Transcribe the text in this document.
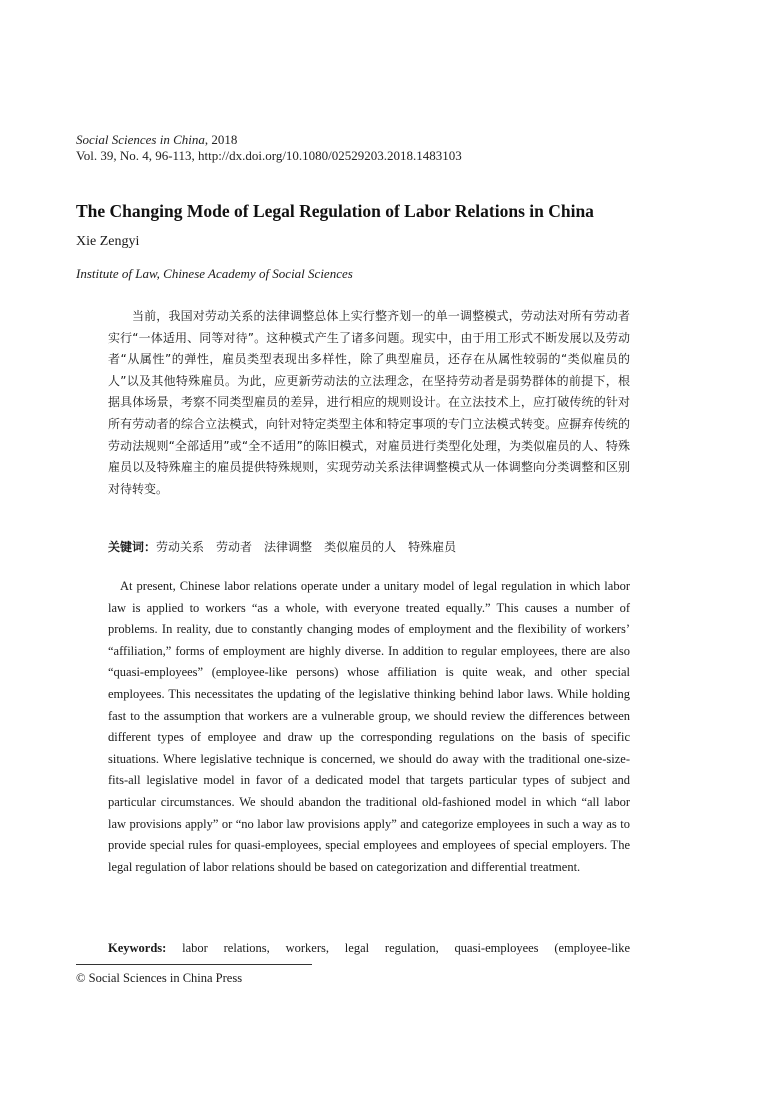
Social Sciences in China, 2018
Vol. 39, No. 4, 96-113, http://dx.doi.org/10.1080/02529203.2018.1483103
The Changing Mode of Legal Regulation of Labor Relations in China
Xie Zengyi
Institute of Law, Chinese Academy of Social Sciences

当前，我国对劳动关系的法律调整总体上实行整齐划一的单一调整模式，劳动法对所有劳动者实行“一体适用、同等对待”。这种模式产生了诸多问题。现实中，由于用工形式不断发展以及劳动者“从属性”的弹性，雇员类型表现出多样性，除了典型雇员，还存在从属性较弱的“类似雇员的人”以及其他特殊雇员。为此，应更新劳动法的立法理念，在坚持劳动者是弱势群体的前提下，根据具体场景，考察不同类型雇员的差异，进行相应的规则设计。在立法技术上，应打破传统的针对所有劳动者的综合立法模式，向针对特定类型主体和特定事项的专门立法模式转变。应摒弃传统的劳动法规则“全部适用”或“全不适用”的陈旧模式，对雇员进行类型化处理，为类似雇员的人、特殊雇员以及特殊雇主的雇员提供特殊规则，实现劳动关系法律调整模式从一体调整向分类调整和区别对待转变。

关键词：劳动关系 劳动者 法律调整 类似雇员的人 特殊雇员

At present, Chinese labor relations operate under a unitary model of legal regulation in which labor law is applied to workers “as a whole, with everyone treated equally.” This causes a number of problems. In reality, due to constantly changing modes of employment and the flexibility of workers’ “affiliation,” forms of employment are highly diverse. In addition to regular employees, there are also “quasi-employees” (employee-like persons) whose affiliation is quite weak, and other special employees. This necessitates the updating of the legislative thinking behind labor laws. While holding fast to the assumption that workers are a vulnerable group, we should review the differences between different types of employee and draw up the corresponding regulations on the basis of specific situations. Where legislative technique is concerned, we should do away with the traditional one-size-fits-all legislative model in favor of a dedicated model that targets particular types of subject and particular circumstances. We should abandon the traditional old-fashioned model in which “all labor law provisions apply” or “no labor law provisions apply” and categorize employees in such a way as to provide special rules for quasi-employees, special employees and employees of special employers. The legal regulation of labor relations should be based on categorization and differential treatment.

Keywords: labor relations, workers, legal regulation, quasi-employees (employee-like

© Social Sciences in China Press
